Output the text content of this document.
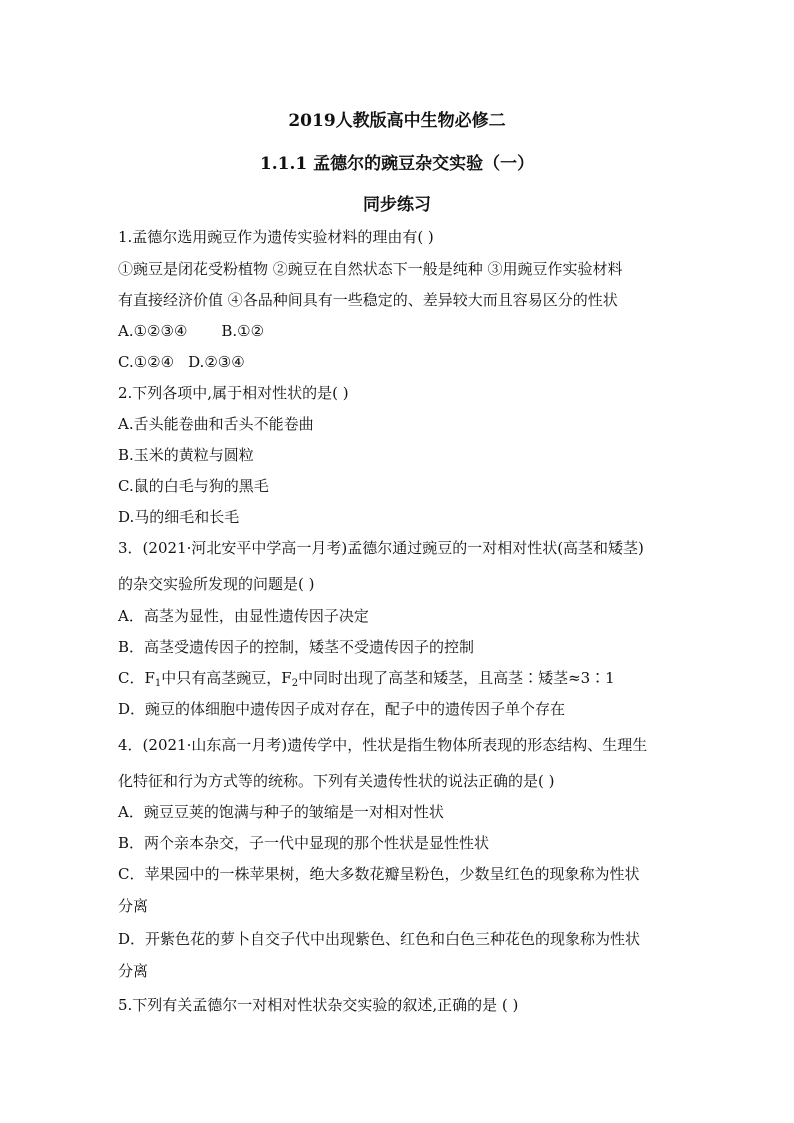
2019人教版高中生物必修二
1.1.1 孟德尔的豌豆杂交实验（一）
同步练习
1.孟德尔选用豌豆作为遗传实验材料的理由有( )
①豌豆是闭花受粉植物 ②豌豆在自然状态下一般是纯种 ③用豌豆作实验材料
有直接经济价值 ④各品种间具有一些稳定的、差异较大而且容易区分的性状
A.①②③④ B.①②
C.①②④ D.②③④
2.下列各项中,属于相对性状的是( )
A.舌头能卷曲和舌头不能卷曲
B.玉米的黄粒与圆粒
C.鼠的白毛与狗的黑毛
D.马的细毛和长毛
3．(2021·河北安平中学高一月考)孟德尔通过豌豆的一对相对性状(高茎和矮茎)
的杂交实验所发现的问题是( )
A．高茎为显性，由显性遗传因子决定
B．高茎受遗传因子的控制，矮茎不受遗传因子的控制
C．$F_1$中只有高茎豌豆，$F_2$中同时出现了高茎和矮茎，且高茎∶矮茎≈3∶1
D．豌豆的体细胞中遗传因子成对存在，配子中的遗传因子单个存在
4．(2021·山东高一月考)遗传学中，性状是指生物体所表现的形态结构、生理生
化特征和行为方式等的统称。下列有关遗传性状的说法正确的是( )
A．豌豆豆荚的饱满与种子的皱缩是一对相对性状
B．两个亲本杂交，子一代中显现的那个性状是显性性状
C．苹果园中的一株苹果树，绝大多数花瓣呈粉色，少数呈红色的现象称为性状
分离
D．开紫色花的萝卜自交子代中出现紫色、红色和白色三种花色的现象称为性状
分离
5.下列有关孟德尔一对相对性状杂交实验的叙述,正确的是 ( )
